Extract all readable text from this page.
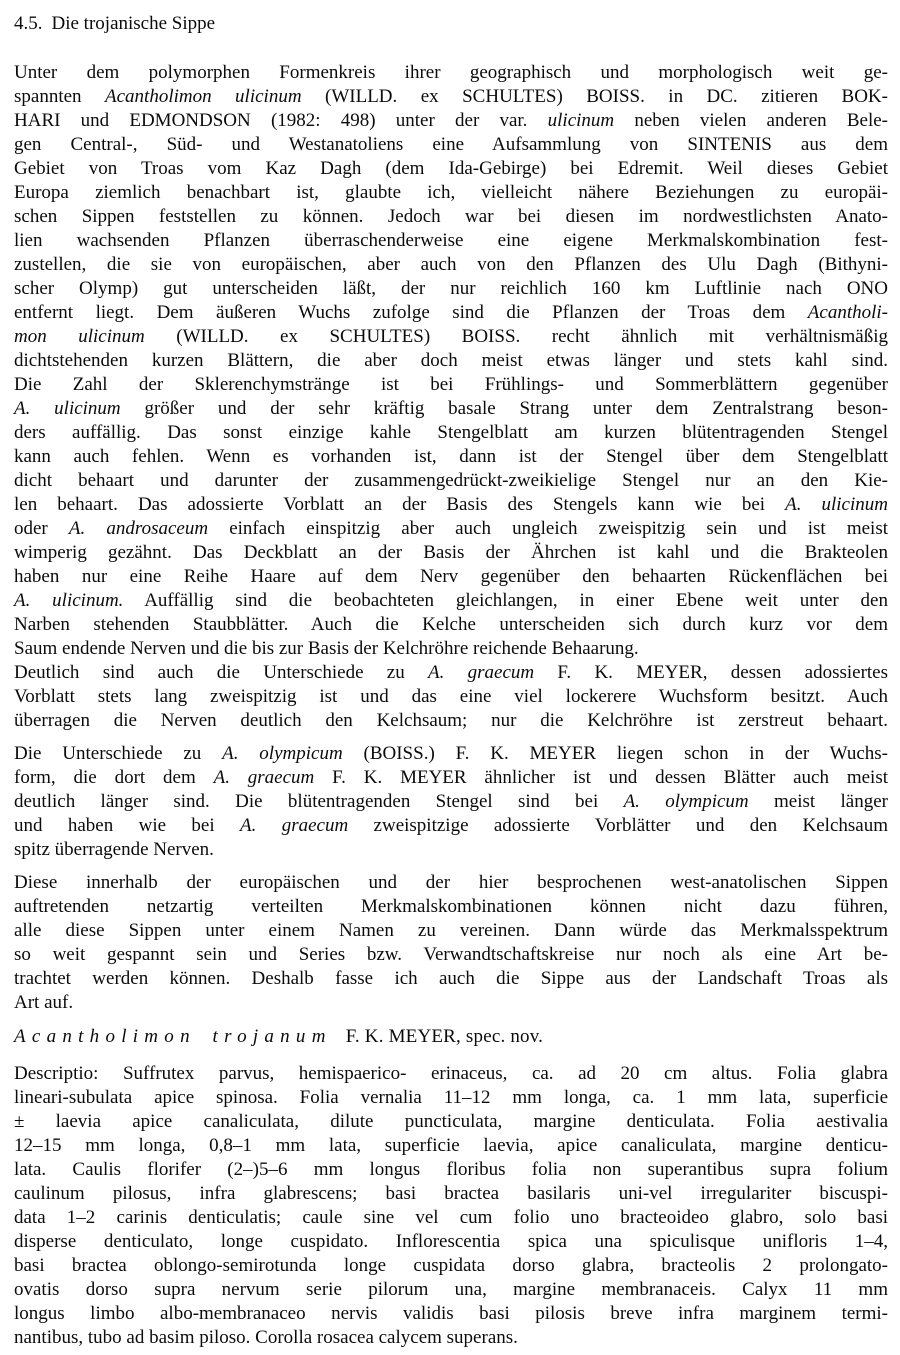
4.5. Die trojanische Sippe
Unter dem polymorphen Formenkreis ihrer geographisch und morphologisch weit ge-
spannten Acantholimon ulicinum (WILLD. ex SCHULTES) BOISS. in DC. zitieren BOK-
HARI und EDMONDSON (1982: 498) unter der var. ulicinum neben vielen anderen Bele-
gen Central-, Süd- und Westanatoliens eine Aufsammlung von SINTENIS aus dem
Gebiet von Troas vom Kaz Dagh (dem Ida-Gebirge) bei Edremit. Weil dieses Gebiet
Europa ziemlich benachbart ist, glaubte ich, vielleicht nähere Beziehungen zu europäi-
schen Sippen feststellen zu können. Jedoch war bei diesen im nordwestlichsten Anato-
lien wachsenden Pflanzen überraschenderweise eine eigene Merkmalskombination fest-
zustellen, die sie von europäischen, aber auch von den Pflanzen des Ulu Dagh (Bithyni-
scher Olymp) gut unterscheiden läßt, der nur reichlich 160 km Luftlinie nach ONO
entfernt liegt. Dem äußeren Wuchs zufolge sind die Pflanzen der Troas dem Acantholi-
mon ulicinum (WILLD. ex SCHULTES) BOISS. recht ähnlich mit verhältnismäßig
dichtstehenden kurzen Blättern, die aber doch meist etwas länger und stets kahl sind.
Die Zahl der Sklerenchymstränge ist bei Frühlings- und Sommerblättern gegenüber
A. ulicinum größer und der sehr kräftig basale Strang unter dem Zentralstrang beson-
ders auffällig. Das sonst einzige kahle Stengelblatt am kurzen blütentragenden Stengel
kann auch fehlen. Wenn es vorhanden ist, dann ist der Stengel über dem Stengelblatt
dicht behaart und darunter der zusammengedrückt-zweikielige Stengel nur an den Kie-
len behaart. Das adossierte Vorblatt an der Basis des Stengels kann wie bei A. ulicinum
oder A. androsaceum einfach einspitzig aber auch ungleich zweispitzig sein und ist meist
wimperig gezähnt. Das Deckblatt an der Basis der Ährchen ist kahl und die Brakteolen
haben nur eine Reihe Haare auf dem Nerv gegenüber den behaarten Rückenflächen bei
A. ulicinum. Auffällig sind die beobachteten gleichlangen, in einer Ebene weit unter den
Narben stehenden Staubblätter. Auch die Kelche unterscheiden sich durch kurz vor dem
Saum endende Nerven und die bis zur Basis der Kelchröhre reichende Behaarung.
Deutlich sind auch die Unterschiede zu A. graecum F. K. MEYER, dessen adossiertes
Vorblatt stets lang zweispitzig ist und das eine viel lockerere Wuchsform besitzt. Auch
überragen die Nerven deutlich den Kelchsaum; nur die Kelchröhre ist zerstreut behaart.
Die Unterschiede zu A. olympicum (BOISS.) F. K. MEYER liegen schon in der Wuchs-
form, die dort dem A. graecum F. K. MEYER ähnlicher ist und dessen Blätter auch meist
deutlich länger sind. Die blütentragenden Stengel sind bei A. olympicum meist länger
und haben wie bei A. graecum zweispitzige adossierte Vorblätter und den Kelchsaum
spitz überragende Nerven.
Diese innerhalb der europäischen und der hier besprochenen west-anatolischen Sippen
auftretenden netzartig verteilten Merkmalskombinationen können nicht dazu führen,
alle diese Sippen unter einem Namen zu vereinen. Dann würde das Merkmalsspektrum
so weit gespannt sein und Series bzw. Verwandtschaftskreise nur noch als eine Art be-
trachtet werden können. Deshalb fasse ich auch die Sippe aus der Landschaft Troas als
Art auf.
Acantholimon trojanum F. K. MEYER, spec. nov.
Descriptio: Suffrutex parvus, hemispaerico- erinaceus, ca. ad 20 cm altus. Folia glabra
lineari-subulata apice spinosa. Folia vernalia 11–12 mm longa, ca. 1 mm lata, superficie
± laevia apice canaliculata, dilute puncticulata, margine denticulata. Folia aestivalia
12–15 mm longa, 0,8–1 mm lata, superficie laevia, apice canaliculata, margine denticu-
lata. Caulis florifer (2–)5–6 mm longus floribus folia non superantibus supra folium
caulinum pilosus, infra glabrescens; basi bractea basilaris uni-vel irregulariter biscuspi-
data 1–2 carinis denticulatis; caule sine vel cum folio uno bracteoideo glabro, solo basi
disperse denticulato, longe cuspidato. Inflorescentia spica una spiculisque unifloris 1–4,
basi bractea oblongo-semirotunda longe cuspidata dorso glabra, bracteolis 2 prolongato-
ovatis dorso supra nervum serie pilorum una, margine membranaceis. Calyx 11 mm
longus limbo albo-membranaceo nervis validis basi pilosis breve infra marginem termi-
nantibus, tubo ad basim piloso. Corolla rosacea calycem superans.
